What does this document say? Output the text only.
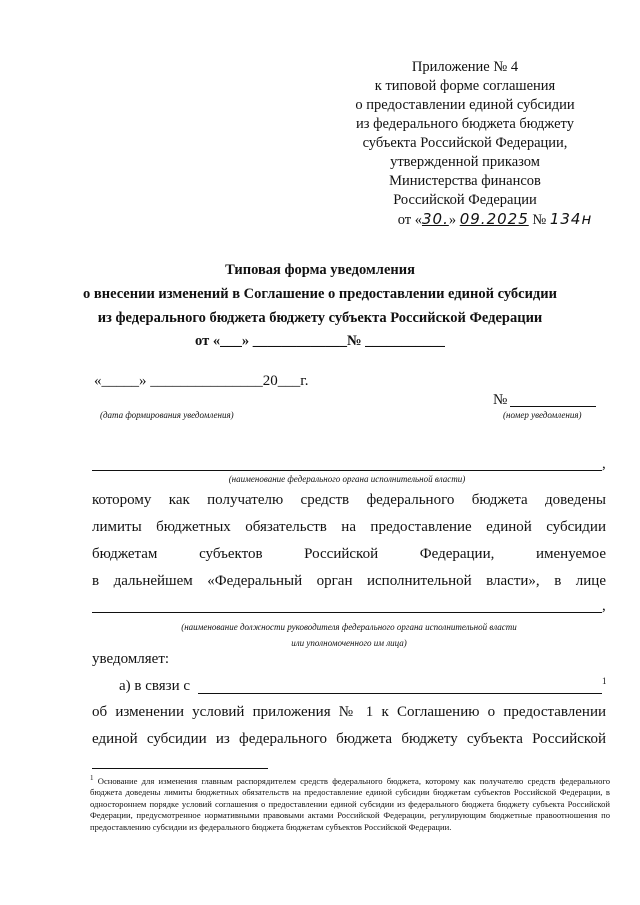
Приложение № 4
к типовой форме соглашения
о предоставлении единой субсидии
из федерального бюджета бюджету
субъекта Российской Федерации,
утвержденной приказом
Министерства финансов
Российской Федерации
от «30.» 09.2025 № 134н
Типовая форма уведомления
о внесении изменений в Соглашение о предоставлении единой субсидии
из федерального бюджета бюджету субъекта Российской Федерации
от «___» _____________№ ___________
«_____» _______________20___г.
№
(дата формирования уведомления)	(номер уведомления)
,
(наименование федерального органа исполнительной власти)
которому как получателю средств федерального бюджета доведены
лимиты бюджетных обязательств на предоставление единой субсидии
бюджетам субъектов Российской Федерации, именуемое
в дальнейшем «Федеральный орган исполнительной власти», в лице
,
(наименование должности руководителя федерального органа исполнительной власти
или уполномоченного им лица)
уведомляет:
а) в связи с	1
об изменении условий приложения № 1 к Соглашению о предоставлении
единой субсидии из федерального бюджета бюджету субъекта Российской
$^1$ Основание для изменения главным распорядителем средств федерального бюджета, которому как получателю средств федерального бюджета доведены лимиты бюджетных обязательств на предоставление единой субсидии бюджетам субъектов Российской Федерации, в одностороннем порядке условий соглашения о предоставлении единой субсидии из федерального бюджета бюджету субъекта Российской Федерации, предусмотренное нормативными правовыми актами Российской Федерации, регулирующим бюджетные правоотношения по предоставлению субсидии из федерального бюджета бюджетам субъектов Российской Федерации.
